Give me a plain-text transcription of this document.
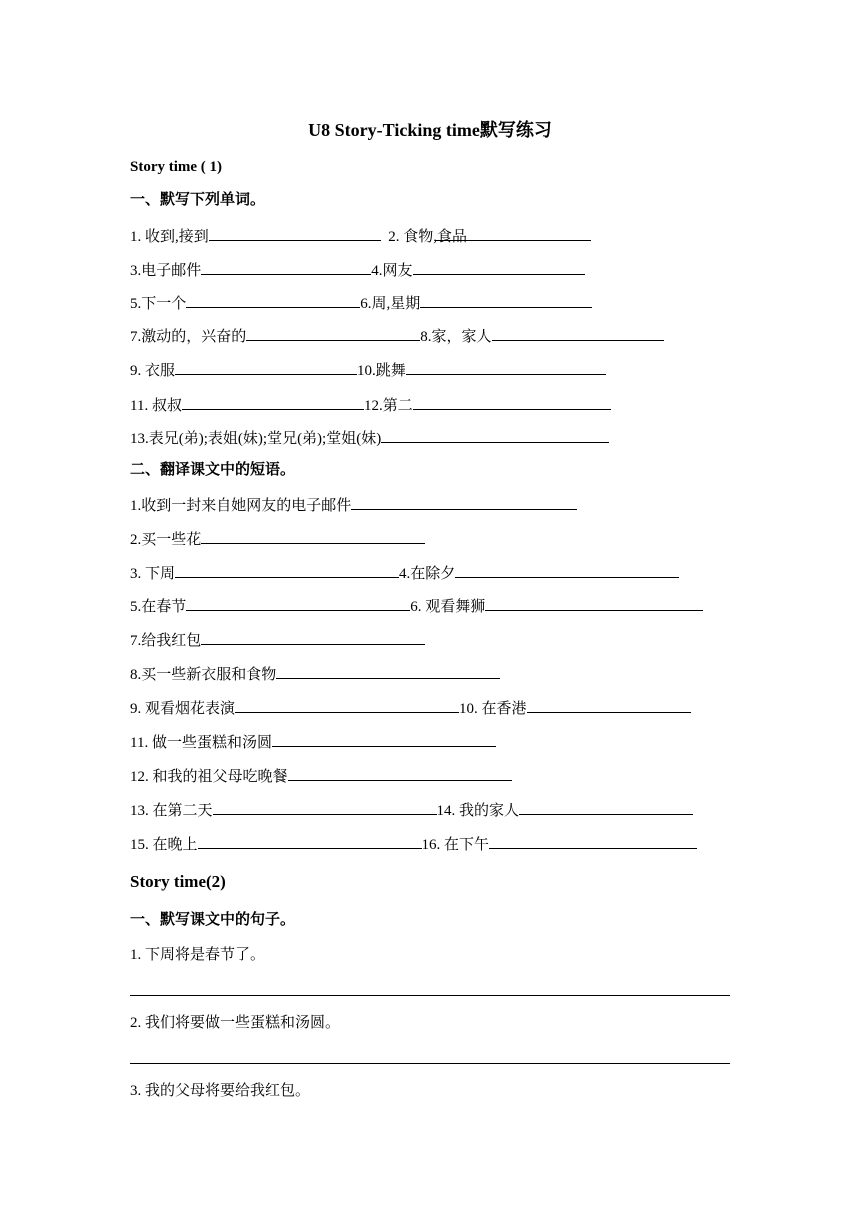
U8 Story-Ticking time默写练习
Story time ( 1)
一、默写下列单词。
1. 收到,接到	2. 食物,食品
3.电子邮件	4.网友
5.下一个	6.周,星期
7.激动的，兴奋的	8.家，家人
9. 衣服	10.跳舞
11. 叔叔	12.第二
13.表兄(弟);表姐(妹);堂兄(弟);堂姐(妹)
二、翻译课文中的短语。
1.收到一封来自她网友的电子邮件
2.买一些花
3. 下周	4.在除夕
5.在春节	6. 观看舞狮
7.给我红包
8.买一些新衣服和食物
9. 观看烟花表演	10. 在香港
11. 做一些蛋糕和汤圆
12. 和我的祖父母吃晚餐
13. 在第二天	14. 我的家人
15. 在晚上	16. 在下午
Story time(2)
一、默写课文中的句子。
1. 下周将是春节了。
2. 我们将要做一些蛋糕和汤圆。
3. 我的父母将要给我红包。
